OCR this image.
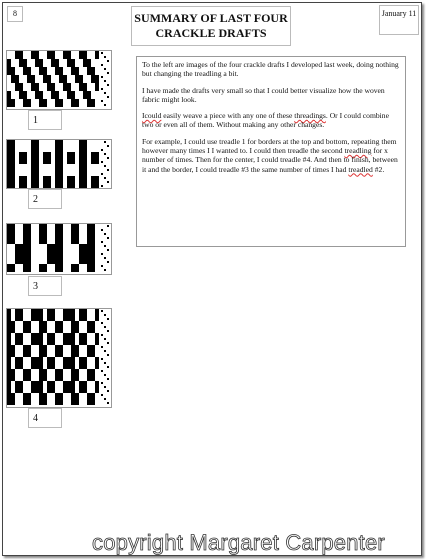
8	SUMMARY OF LAST FOUR
CRACKLE DRAFTS
January 11
1
2
3
4

To the left are images of the four crackle drafts I developed last week, doing nothing but changing the treadling a bit.

I have made the drafts very small so that I could better visualize how the woven fabric might look.

Icould easily weave a piece with any one of these threadings. Or I could combine two or even all of them. Without making any other changes.

For example, I could use treadle 1 for borders at the top and bottom, repeating them however many times I I wanted to. I could then treadle the second treadling for x number of times. Then for the center, I could treadle #4. And then to finish, between it and the border, I could treadle #3 the same number of times I had treadled #2.

copyright Margaret Carpenter
